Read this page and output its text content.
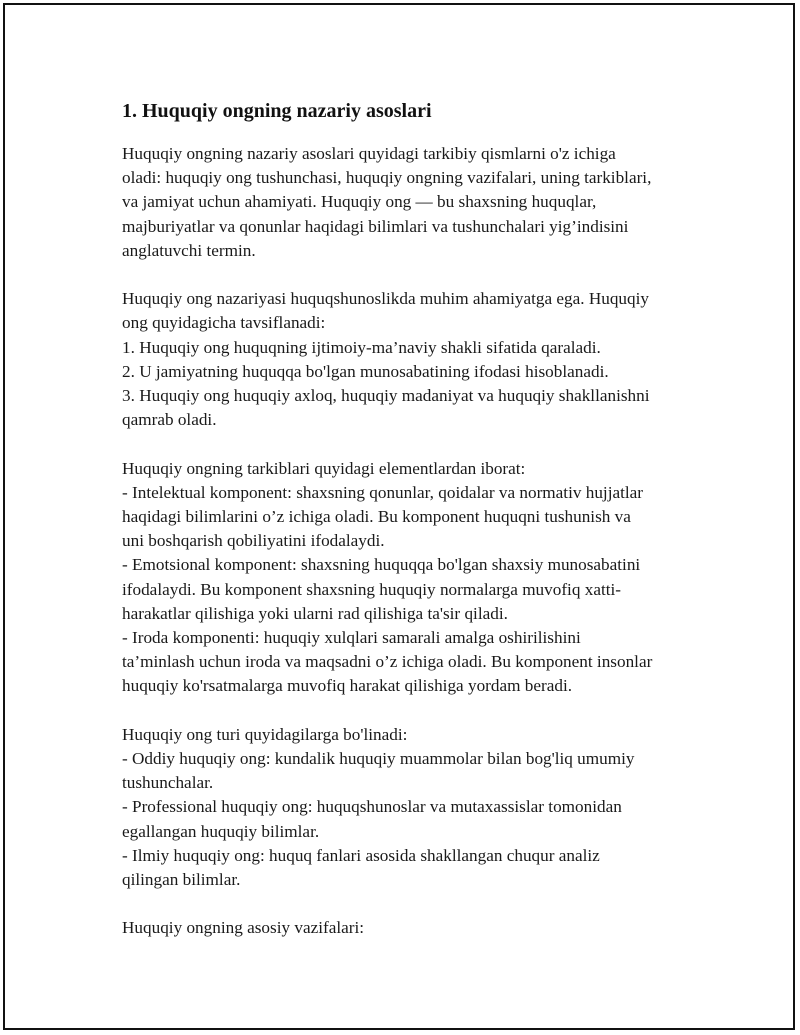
1. Huquqiy ongning nazariy asoslari
Huquqiy ongning nazariy asoslari quyidagi tarkibiy qismlarni o'z ichiga
oladi: huquqiy ong tushunchasi, huquqiy ongning vazifalari, uning tarkiblari,
va jamiyat uchun ahamiyati. Huquqiy ong — bu shaxsning huquqlar,
majburiyatlar va qonunlar haqidagi bilimlari va tushunchalari yig’indisini
anglatuvchi termin.
Huquqiy ong nazariyasi huquqshunoslikda muhim ahamiyatga ega. Huquqiy
ong quyidagicha tavsiflanadi:
1. Huquqiy ong huquqning ijtimoiy-ma’naviy shakli sifatida qaraladi.
2. U jamiyatning huquqqa bo'lgan munosabatining ifodasi hisoblanadi.
3. Huquqiy ong huquqiy axloq, huquqiy madaniyat va huquqiy shakllanishni
qamrab oladi.
Huquqiy ongning tarkiblari quyidagi elementlardan iborat:
- Intelektual komponent: shaxsning qonunlar, qoidalar va normativ hujjatlar
haqidagi bilimlarini o’z ichiga oladi. Bu komponent huquqni tushunish va
uni boshqarish qobiliyatini ifodalaydi.
- Emotsional komponent: shaxsning huquqqa bo'lgan shaxsiy munosabatini
ifodalaydi. Bu komponent shaxsning huquqiy normalarga muvofiq xatti-
harakatlar qilishiga yoki ularni rad qilishiga ta'sir qiladi.
- Iroda komponenti: huquqiy xulqlari samarali amalga oshirilishini
ta’minlash uchun iroda va maqsadni o’z ichiga oladi. Bu komponent insonlar
huquqiy ko'rsatmalarga muvofiq harakat qilishiga yordam beradi.
Huquqiy ong turi quyidagilarga bo'linadi:
- Oddiy huquqiy ong: kundalik huquqiy muammolar bilan bog'liq umumiy
tushunchalar.
- Professional huquqiy ong: huquqshunoslar va mutaxassislar tomonidan
egallangan huquqiy bilimlar.
- Ilmiy huquqiy ong: huquq fanlari asosida shakllangan chuqur analiz
qilingan bilimlar.
Huquqiy ongning asosiy vazifalari:
